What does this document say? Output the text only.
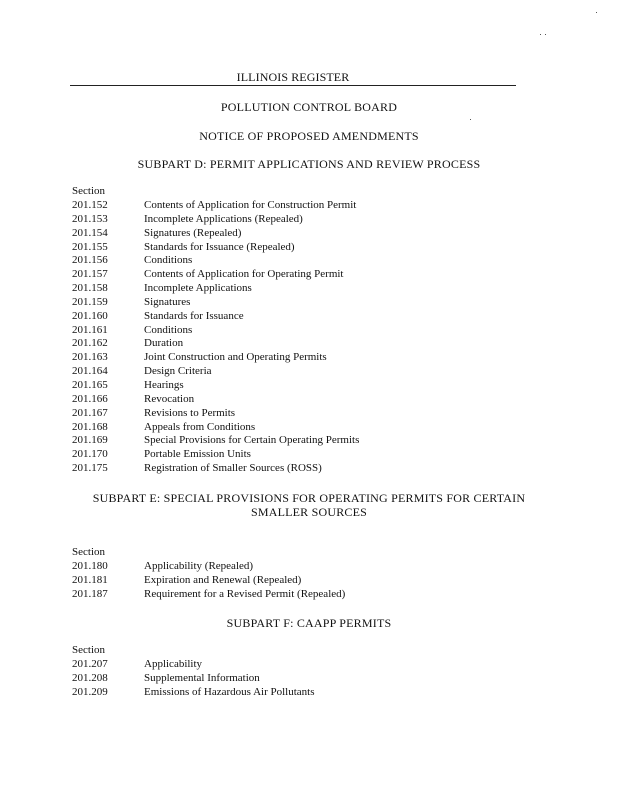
ILLINOIS REGISTER
POLLUTION CONTROL BOARD
NOTICE OF PROPOSED AMENDMENTS
SUBPART D: PERMIT APPLICATIONS AND REVIEW PROCESS
Section
201.152	Contents of Application for Construction Permit
201.153	Incomplete Applications (Repealed)
201.154	Signatures (Repealed)
201.155	Standards for Issuance (Repealed)
201.156	Conditions
201.157	Contents of Application for Operating Permit
201.158	Incomplete Applications
201.159	Signatures
201.160	Standards for Issuance
201.161	Conditions
201.162	Duration
201.163	Joint Construction and Operating Permits
201.164	Design Criteria
201.165	Hearings
201.166	Revocation
201.167	Revisions to Permits
201.168	Appeals from Conditions
201.169	Special Provisions for Certain Operating Permits
201.170	Portable Emission Units
201.175	Registration of Smaller Sources (ROSS)
SUBPART E: SPECIAL PROVISIONS FOR OPERATING PERMITS FOR CERTAIN
SMALLER SOURCES
Section
201.180	Applicability (Repealed)
201.181	Expiration and Renewal (Repealed)
201.187	Requirement for a Revised Permit (Repealed)
SUBPART F: CAAPP PERMITS
Section
201.207	Applicability
201.208	Supplemental Information
201.209	Emissions of Hazardous Air Pollutants
